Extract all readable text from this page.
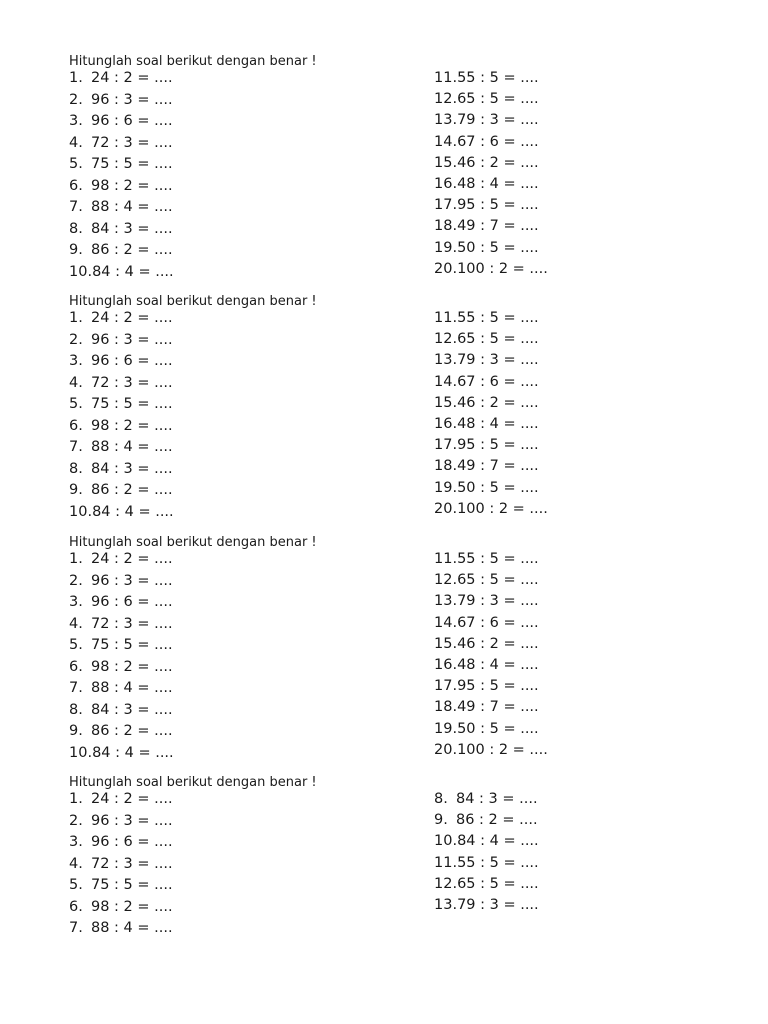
Hitunglah soal berikut dengan benar !
1. 24 : 2 = ....
2. 96 : 3 = ....
3. 96 : 6 = ....
4. 72 : 3 = ....
5. 75 : 5 = ....
6. 98 : 2 = ....
7. 88 : 4 = ....
8. 84 : 3 = ....
9. 86 : 2 = ....
10.84 : 4 = ....
11.55 : 5 = ....
12.65 : 5 = ....
13.79 : 3 = ....
14.67 : 6 = ....
15.46 : 2 = ....
16.48 : 4 = ....
17.95 : 5 = ....
18.49 : 7 = ....
19.50 : 5 = ....
20.100 : 2 = ....
Hitunglah soal berikut dengan benar !
1. 24 : 2 = ....
2. 96 : 3 = ....
3. 96 : 6 = ....
4. 72 : 3 = ....
5. 75 : 5 = ....
6. 98 : 2 = ....
7. 88 : 4 = ....
8. 84 : 3 = ....
9. 86 : 2 = ....
10.84 : 4 = ....
11.55 : 5 = ....
12.65 : 5 = ....
13.79 : 3 = ....
14.67 : 6 = ....
15.46 : 2 = ....
16.48 : 4 = ....
17.95 : 5 = ....
18.49 : 7 = ....
19.50 : 5 = ....
20.100 : 2 = ....
Hitunglah soal berikut dengan benar !
1. 24 : 2 = ....
2. 96 : 3 = ....
3. 96 : 6 = ....
4. 72 : 3 = ....
5. 75 : 5 = ....
6. 98 : 2 = ....
7. 88 : 4 = ....
8. 84 : 3 = ....
9. 86 : 2 = ....
10.84 : 4 = ....
11.55 : 5 = ....
12.65 : 5 = ....
13.79 : 3 = ....
14.67 : 6 = ....
15.46 : 2 = ....
16.48 : 4 = ....
17.95 : 5 = ....
18.49 : 7 = ....
19.50 : 5 = ....
20.100 : 2 = ....
Hitunglah soal berikut dengan benar !
1. 24 : 2 = ....
2. 96 : 3 = ....
3. 96 : 6 = ....
4. 72 : 3 = ....
5. 75 : 5 = ....
6. 98 : 2 = ....
7. 88 : 4 = ....
8. 84 : 3 = ....
9. 86 : 2 = ....
10.84 : 4 = ....
11.55 : 5 = ....
12.65 : 5 = ....
13.79 : 3 = ....
